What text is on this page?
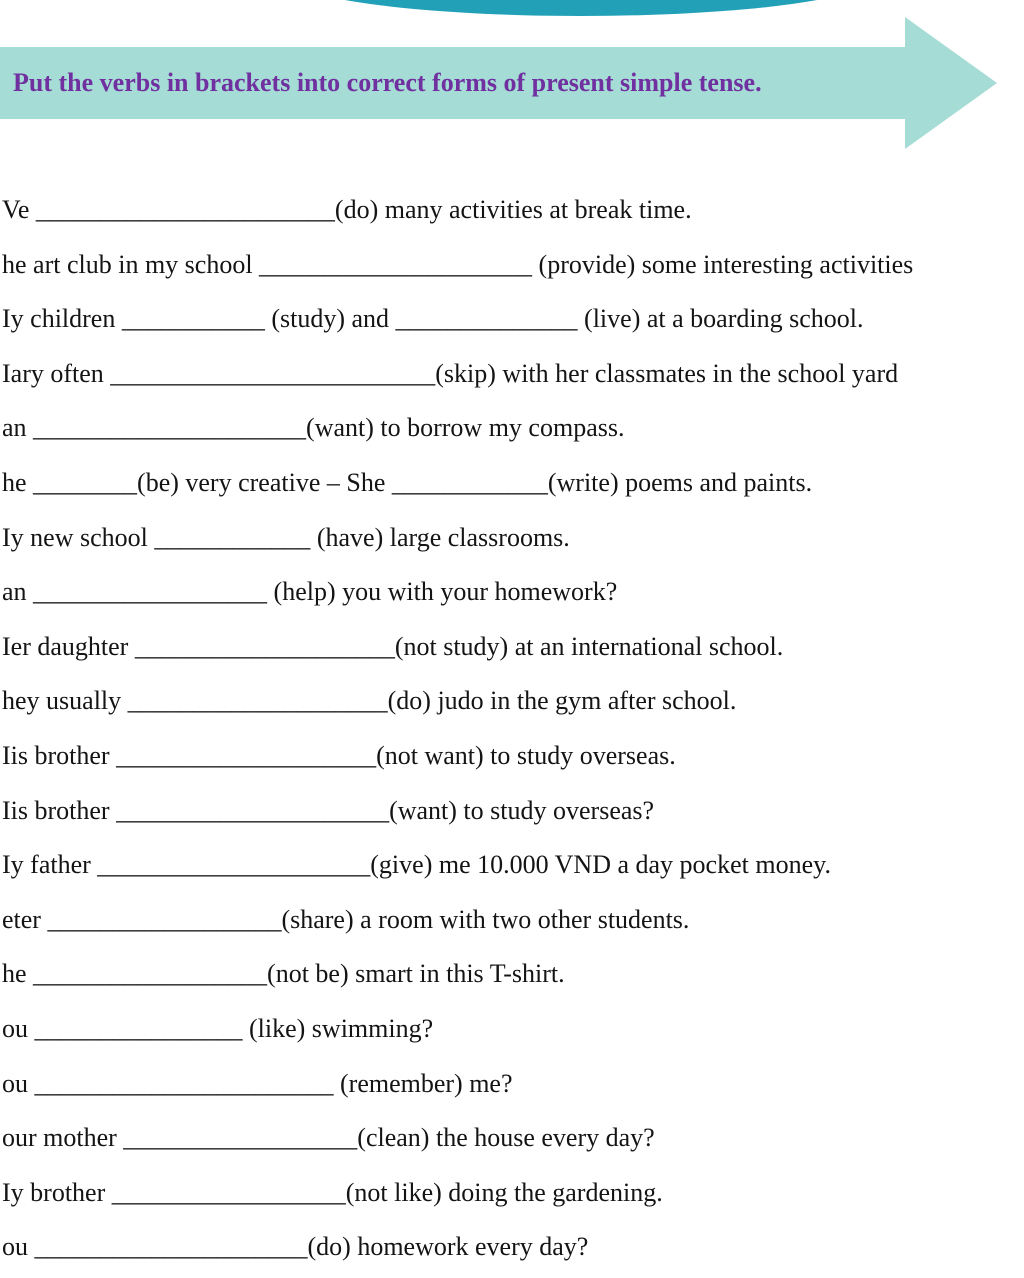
Put the verbs in brackets into correct forms of present simple tense.
Ve _______________________(do) many activities at break time.
he art club in my school _____________________ (provide) some interesting activities
Iy children ___________ (study) and ______________ (live) at a boarding school.
Iary often _________________________(skip) with her classmates in the school yard
an _____________________(want) to borrow my compass.
he ________(be) very creative – She ____________(write) poems and paints.
Iy new school ____________ (have) large classrooms.
an __________________ (help) you with your homework?
Ier daughter ____________________(not study) at an international school.
hey usually ____________________(do) judo in the gym after school.
Iis brother ____________________(not want) to study overseas.
Iis brother _____________________(want) to study overseas?
Iy father _____________________(give) me 10.000 VND a day pocket money.
eter __________________(share) a room with two other students.
he __________________(not be) smart in this T-shirt.
ou ________________ (like) swimming?
ou _______________________ (remember) me?
our mother __________________(clean) the house every day?
Iy brother __________________(not like) doing the gardening.
ou _____________________(do) homework every day?
